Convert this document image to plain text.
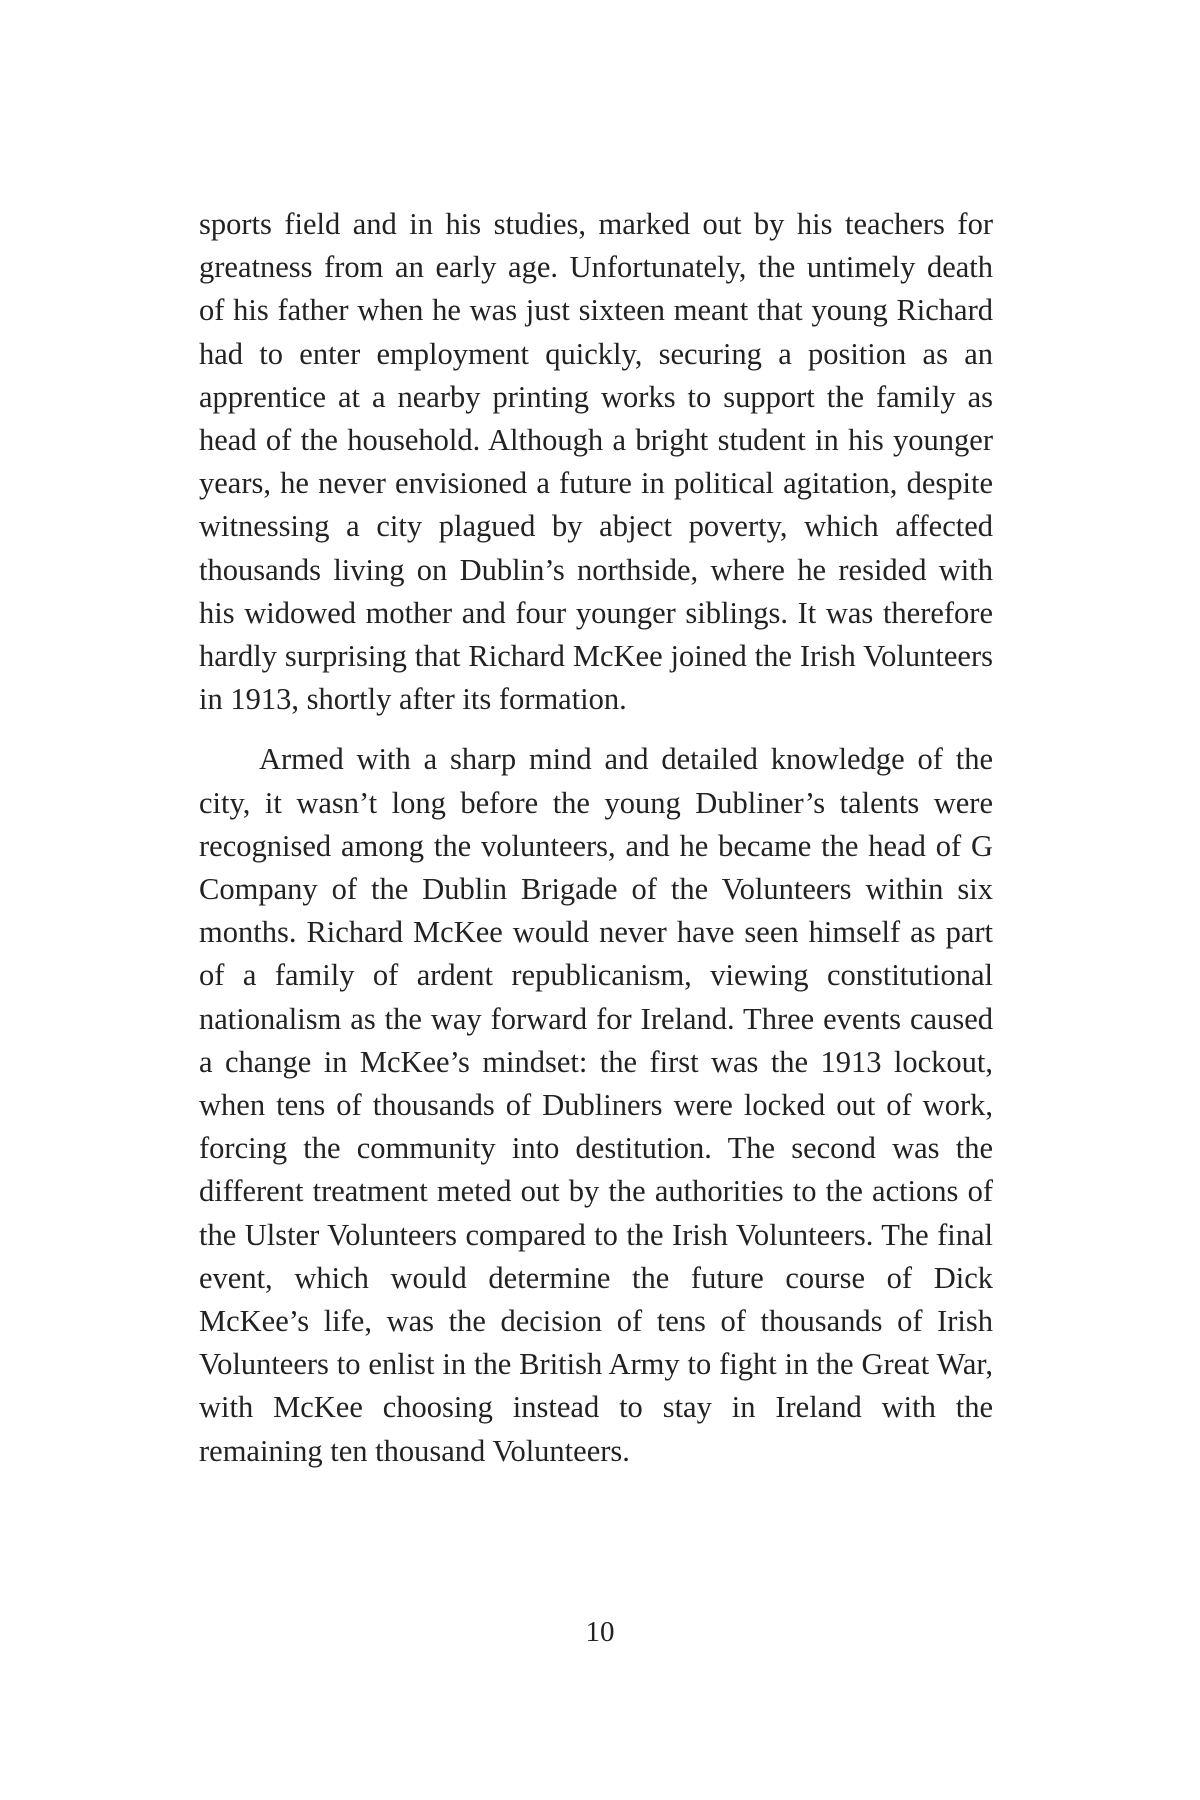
sports field and in his studies, marked out by his teachers for greatness from an early age. Unfortunately, the untimely death of his father when he was just sixteen meant that young Richard had to enter employment quickly, securing a position as an apprentice at a nearby printing works to support the family as head of the household. Although a bright student in his younger years, he never envisioned a future in political agitation, despite witnessing a city plagued by abject poverty, which affected thousands living on Dublin’s northside, where he resided with his widowed mother and four younger siblings. It was therefore hardly surprising that Richard McKee joined the Irish Volunteers in 1913, shortly after its formation.

Armed with a sharp mind and detailed knowledge of the city, it wasn’t long before the young Dubliner’s talents were recognised among the volunteers, and he became the head of G Company of the Dublin Brigade of the Volunteers within six months. Richard McKee would never have seen himself as part of a family of ardent republicanism, viewing constitutional nationalism as the way forward for Ireland. Three events caused a change in McKee’s mindset: the first was the 1913 lockout, when tens of thousands of Dubliners were locked out of work, forcing the community into destitution. The second was the different treatment meted out by the authorities to the actions of the Ulster Volunteers compared to the Irish Volunteers. The final event, which would determine the future course of Dick McKee’s life, was the decision of tens of thousands of Irish Volunteers to enlist in the British Army to fight in the Great War, with McKee choosing instead to stay in Ireland with the remaining ten thousand Volunteers.

10
